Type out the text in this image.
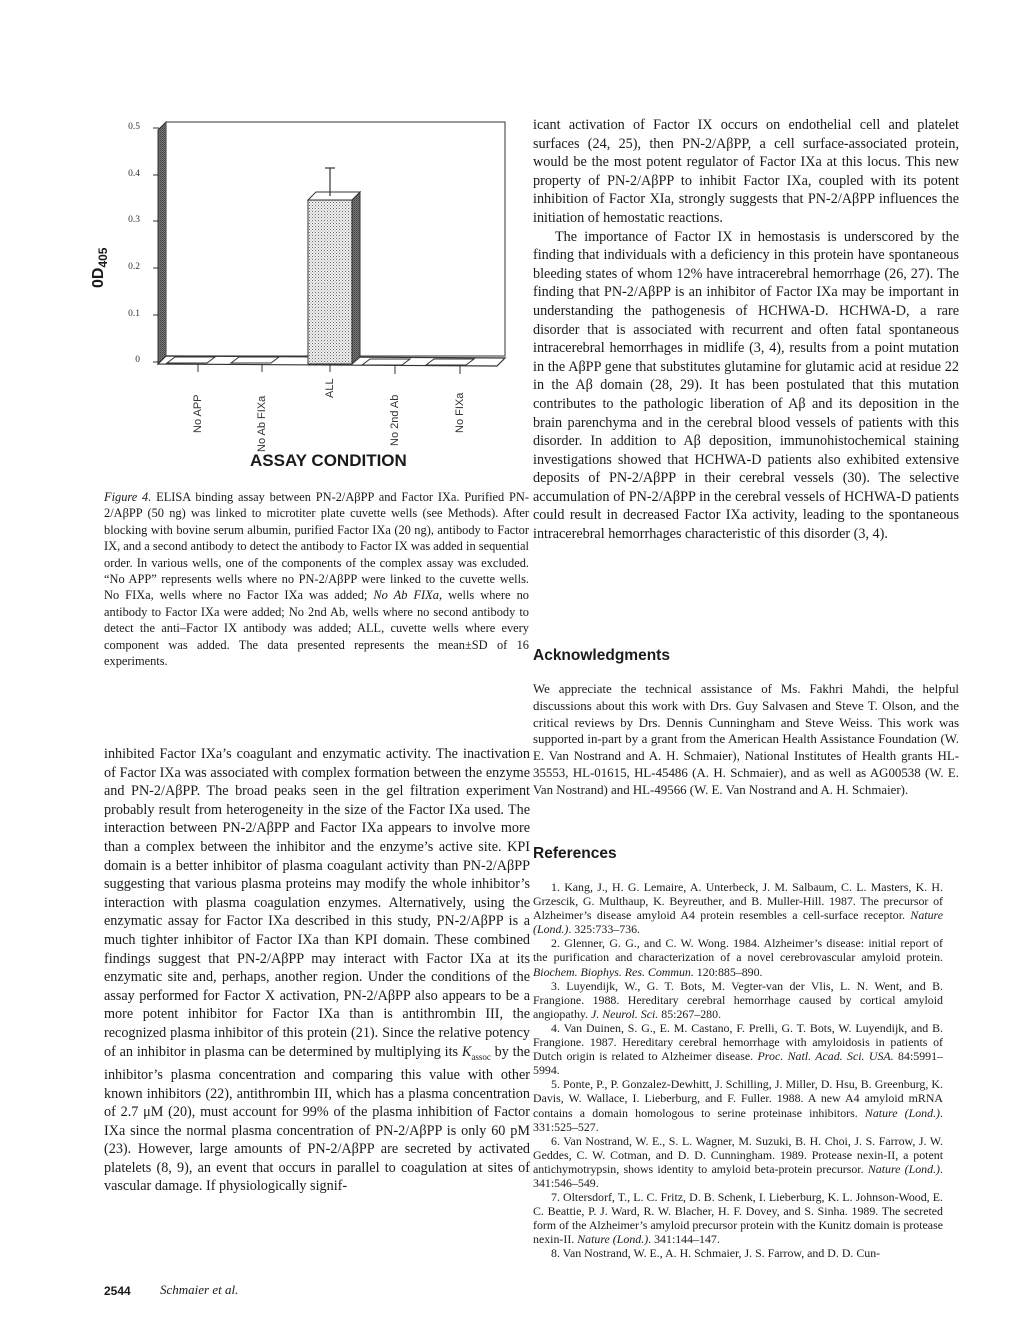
$0D_{405}$
0.5
0.4
0.3
0.2
0.1
0
No APP	No Ab FIXa
ALL
No 2nd Ab	No FIXa
ASSAY CONDITION

Figure 4. ELISA binding assay between PN-2/AβPP and Factor IXa. Purified PN-2/AβPP (50 ng) was linked to microtiter plate cuvette wells (see Methods). After blocking with bovine serum albumin, purified Factor IXa (20 ng), antibody to Factor IX, and a second antibody to detect the antibody to Factor IX was added in sequential order. In various wells, one of the components of the complex assay was excluded. “No APP” represents wells where no PN-2/AβPP were linked to the cuvette wells. No FIXa, wells where no Factor IXa was added; No Ab FIXa, wells where no antibody to Factor IXa were added; No 2nd Ab, wells where no second antibody to detect the anti–Factor IX antibody was added; ALL, cuvette wells where every component was added. The data presented represents the mean±SD of 16 experiments.

inhibited Factor IXa’s coagulant and enzymatic activity. The inactivation of Factor IXa was associated with complex formation between the enzyme and PN-2/AβPP. The broad peaks seen in the gel filtration experiment probably result from heterogeneity in the size of the Factor IXa used. The interaction between PN-2/AβPP and Factor IXa appears to involve more than a complex between the inhibitor and the enzyme’s active site. KPI domain is a better inhibitor of plasma coagulant activity than PN-2/AβPP suggesting that various plasma proteins may modify the whole inhibitor’s interaction with plasma coagulation enzymes. Alternatively, using the enzymatic assay for Factor IXa described in this study, PN-2/AβPP is a much tighter inhibitor of Factor IXa than KPI domain. These combined findings suggest that PN-2/AβPP may interact with Factor IXa at its enzymatic site and, perhaps, another region. Under the conditions of the assay performed for Factor X activation, PN-2/AβPP also appears to be a more potent inhibitor for Factor IXa than is antithrombin III, the recognized plasma inhibitor of this protein (21). Since the relative potency of an inhibitor in plasma can be determined by multiplying its $K_{assoc}$ by the inhibitor’s plasma concentration and comparing this value with other known inhibitors (22), antithrombin III, which has a plasma concentration of 2.7 μM (20), must account for 99% of the plasma inhibition of Factor IXa since the normal plasma concentration of PN-2/AβPP is only 60 pM (23). However, large amounts of PN-2/AβPP are secreted by activated platelets (8, 9), an event that occurs in parallel to coagulation at sites of vascular damage. If physiologically signif-

icant activation of Factor IX occurs on endothelial cell and platelet surfaces (24, 25), then PN-2/AβPP, a cell surface-associated protein, would be the most potent regulator of Factor IXa at this locus. This new property of PN-2/AβPP to inhibit Factor IXa, coupled with its potent inhibition of Factor XIa, strongly suggests that PN-2/AβPP influences the initiation of hemostatic reactions.

The importance of Factor IX in hemostasis is underscored by the finding that individuals with a deficiency in this protein have spontaneous bleeding states of whom 12% have intracerebral hemorrhage (26, 27). The finding that PN-2/AβPP is an inhibitor of Factor IXa may be important in understanding the pathogenesis of HCHWA-D. HCHWA-D, a rare disorder that is associated with recurrent and often fatal spontaneous intracerebral hemorrhages in midlife (3, 4), results from a point mutation in the AβPP gene that substitutes glutamine for glutamic acid at residue 22 in the Aβ domain (28, 29). It has been postulated that this mutation contributes to the pathologic liberation of Aβ and its deposition in the brain parenchyma and in the cerebral blood vessels of patients with this disorder. In addition to Aβ deposition, immunohistochemical staining investigations showed that HCHWA-D patients also exhibited extensive deposits of PN-2/AβPP in their cerebral vessels (30). The selective accumulation of PN-2/AβPP in the cerebral vessels of HCHWA-D patients could result in decreased Factor IXa activity, leading to the spontaneous intracerebral hemorrhages characteristic of this disorder (3, 4).

Acknowledgments

We appreciate the technical assistance of Ms. Fakhri Mahdi, the helpful discussions about this work with Drs. Guy Salvasen and Steve T. Olson, and the critical reviews by Drs. Dennis Cunningham and Steve Weiss. This work was supported in-part by a grant from the American Health Assistance Foundation (W. E. Van Nostrand and A. H. Schmaier), National Institutes of Health grants HL-35553, HL-01615, HL-45486 (A. H. Schmaier), and as well as AG00538 (W. E. Van Nostrand) and HL-49566 (W. E. Van Nostrand and A. H. Schmaier).

References

1. Kang, J., H. G. Lemaire, A. Unterbeck, J. M. Salbaum, C. L. Masters, K. H. Grzescik, G. Multhaup, K. Beyreuther, and B. Muller-Hill. 1987. The precursor of Alzheimer’s disease amyloid A4 protein resembles a cell-surface receptor. Nature (Lond.). 325:733–736.

2. Glenner, G. G., and C. W. Wong. 1984. Alzheimer’s disease: initial report of the purification and characterization of a novel cerebrovascular amyloid protein. Biochem. Biophys. Res. Commun. 120:885–890.

3. Luyendijk, W., G. T. Bots, M. Vegter-van der Vlis, L. N. Went, and B. Frangione. 1988. Hereditary cerebral hemorrhage caused by cortical amyloid angiopathy. J. Neurol. Sci. 85:267–280.

4. Van Duinen, S. G., E. M. Castano, F. Prelli, G. T. Bots, W. Luyendijk, and B. Frangione. 1987. Hereditary cerebral hemorrhage with amyloidosis in patients of Dutch origin is related to Alzheimer disease. Proc. Natl. Acad. Sci. USA. 84:5991–5994.

5. Ponte, P., P. Gonzalez-Dewhitt, J. Schilling, J. Miller, D. Hsu, B. Greenburg, K. Davis, W. Wallace, I. Lieberburg, and F. Fuller. 1988. A new A4 amyloid mRNA contains a domain homologous to serine proteinase inhibitors. Nature (Lond.). 331:525–527.

6. Van Nostrand, W. E., S. L. Wagner, M. Suzuki, B. H. Choi, J. S. Farrow, J. W. Geddes, C. W. Cotman, and D. D. Cunningham. 1989. Protease nexin-II, a potent antichymotrypsin, shows identity to amyloid beta-protein precursor. Nature (Lond.). 341:546–549.

7. Oltersdorf, T., L. C. Fritz, D. B. Schenk, I. Lieberburg, K. L. Johnson-Wood, E. C. Beattie, P. J. Ward, R. W. Blacher, H. F. Dovey, and S. Sinha. 1989. The secreted form of the Alzheimer’s amyloid precursor protein with the Kunitz domain is protease nexin-II. Nature (Lond.). 341:144–147.

8. Van Nostrand, W. E., A. H. Schmaier, J. S. Farrow, and D. D. Cun-

2544 Schmaier et al.
